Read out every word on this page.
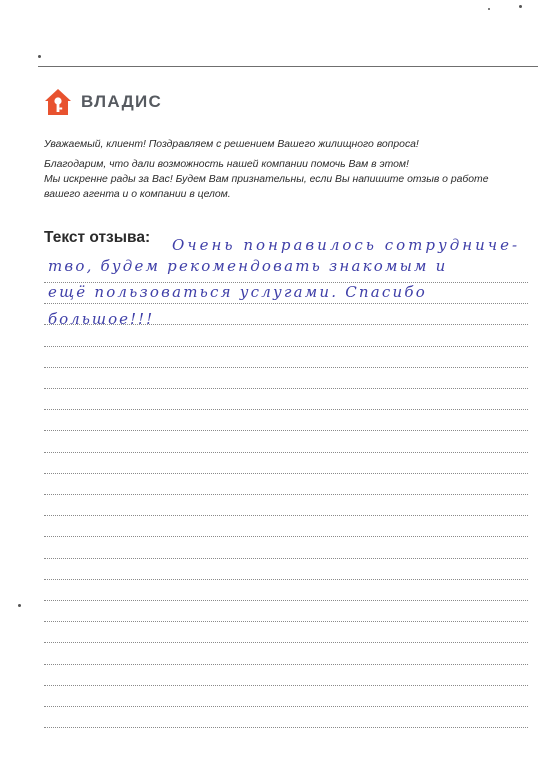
ВЛАДИС
Уважаемый, клиент! Поздравляем с решением Вашего жилищного вопроса!
Благодарим, что дали возможность нашей компании помочь Вам в этом!
Мы искренне рады за Вас! Будем Вам признательны, если Вы напишите отзыв о работе
вашего агента и о компании в целом.
Текст отзыва: Очень понравилось сотрудниче-
тво, будем рекомендовать знакомым и
ещё пользоваться услугами. Спасибо
большое!!!
